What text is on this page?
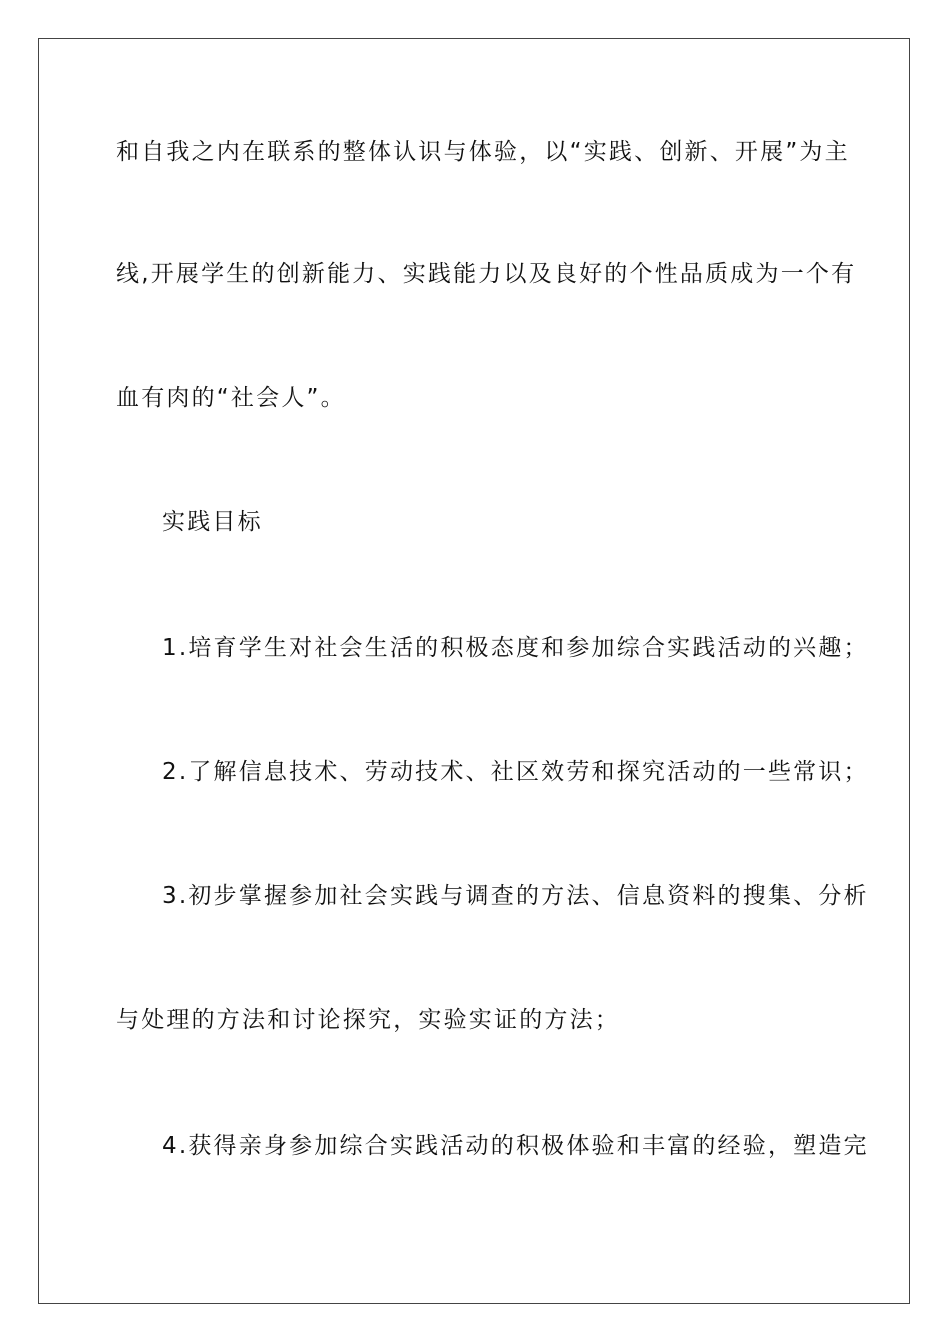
和自我之内在联系的整体认识与体验，以“实践、创新、开展”为主
线,开展学生的创新能力、实践能力以及良好的个性品质成为一个有
血有肉的“社会人”。
实践目标
1.培育学生对社会生活的积极态度和参加综合实践活动的兴趣；
2.了解信息技术、劳动技术、社区效劳和探究活动的一些常识；
3.初步掌握参加社会实践与调查的方法、信息资料的搜集、分析
与处理的方法和讨论探究，实验实证的方法；
4.获得亲身参加综合实践活动的积极体验和丰富的经验，塑造完
